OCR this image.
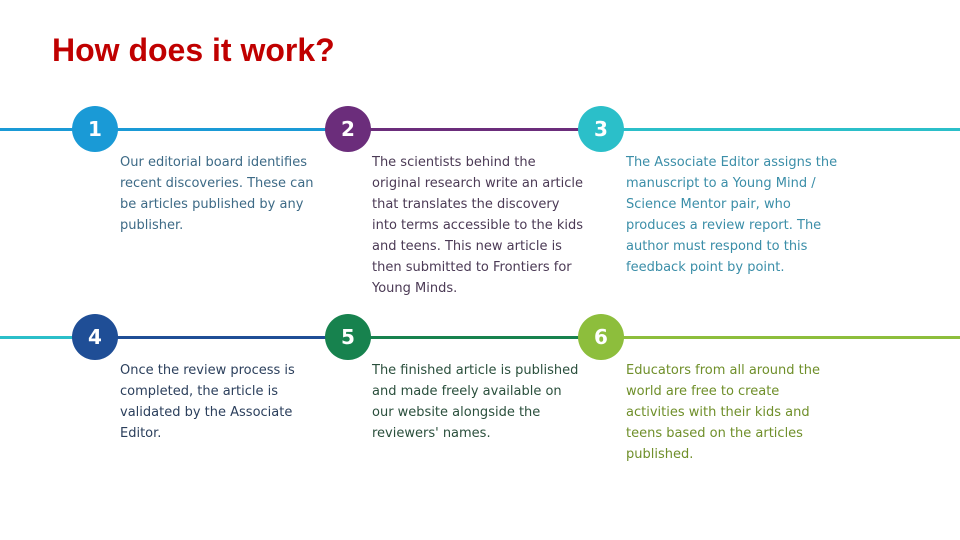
How does it work?
1

Our editorial board identifies recent discoveries. These can be articles published by any publisher.

2

The scientists behind the original research write an article that translates the discovery into terms accessible to the kids and teens. This new article is then submitted to Frontiers for Young Minds.

3

The Associate Editor assigns the manuscript to a Young Mind / Science Mentor pair, who produces a review report. The author must respond to this feedback point by point.

4

Once the review process is completed, the article is validated by the Associate Editor.

5

The finished article is published and made freely available on our website alongside the reviewers' names.

6

Educators from all around the world are free to create activities with their kids and teens based on the articles published.
